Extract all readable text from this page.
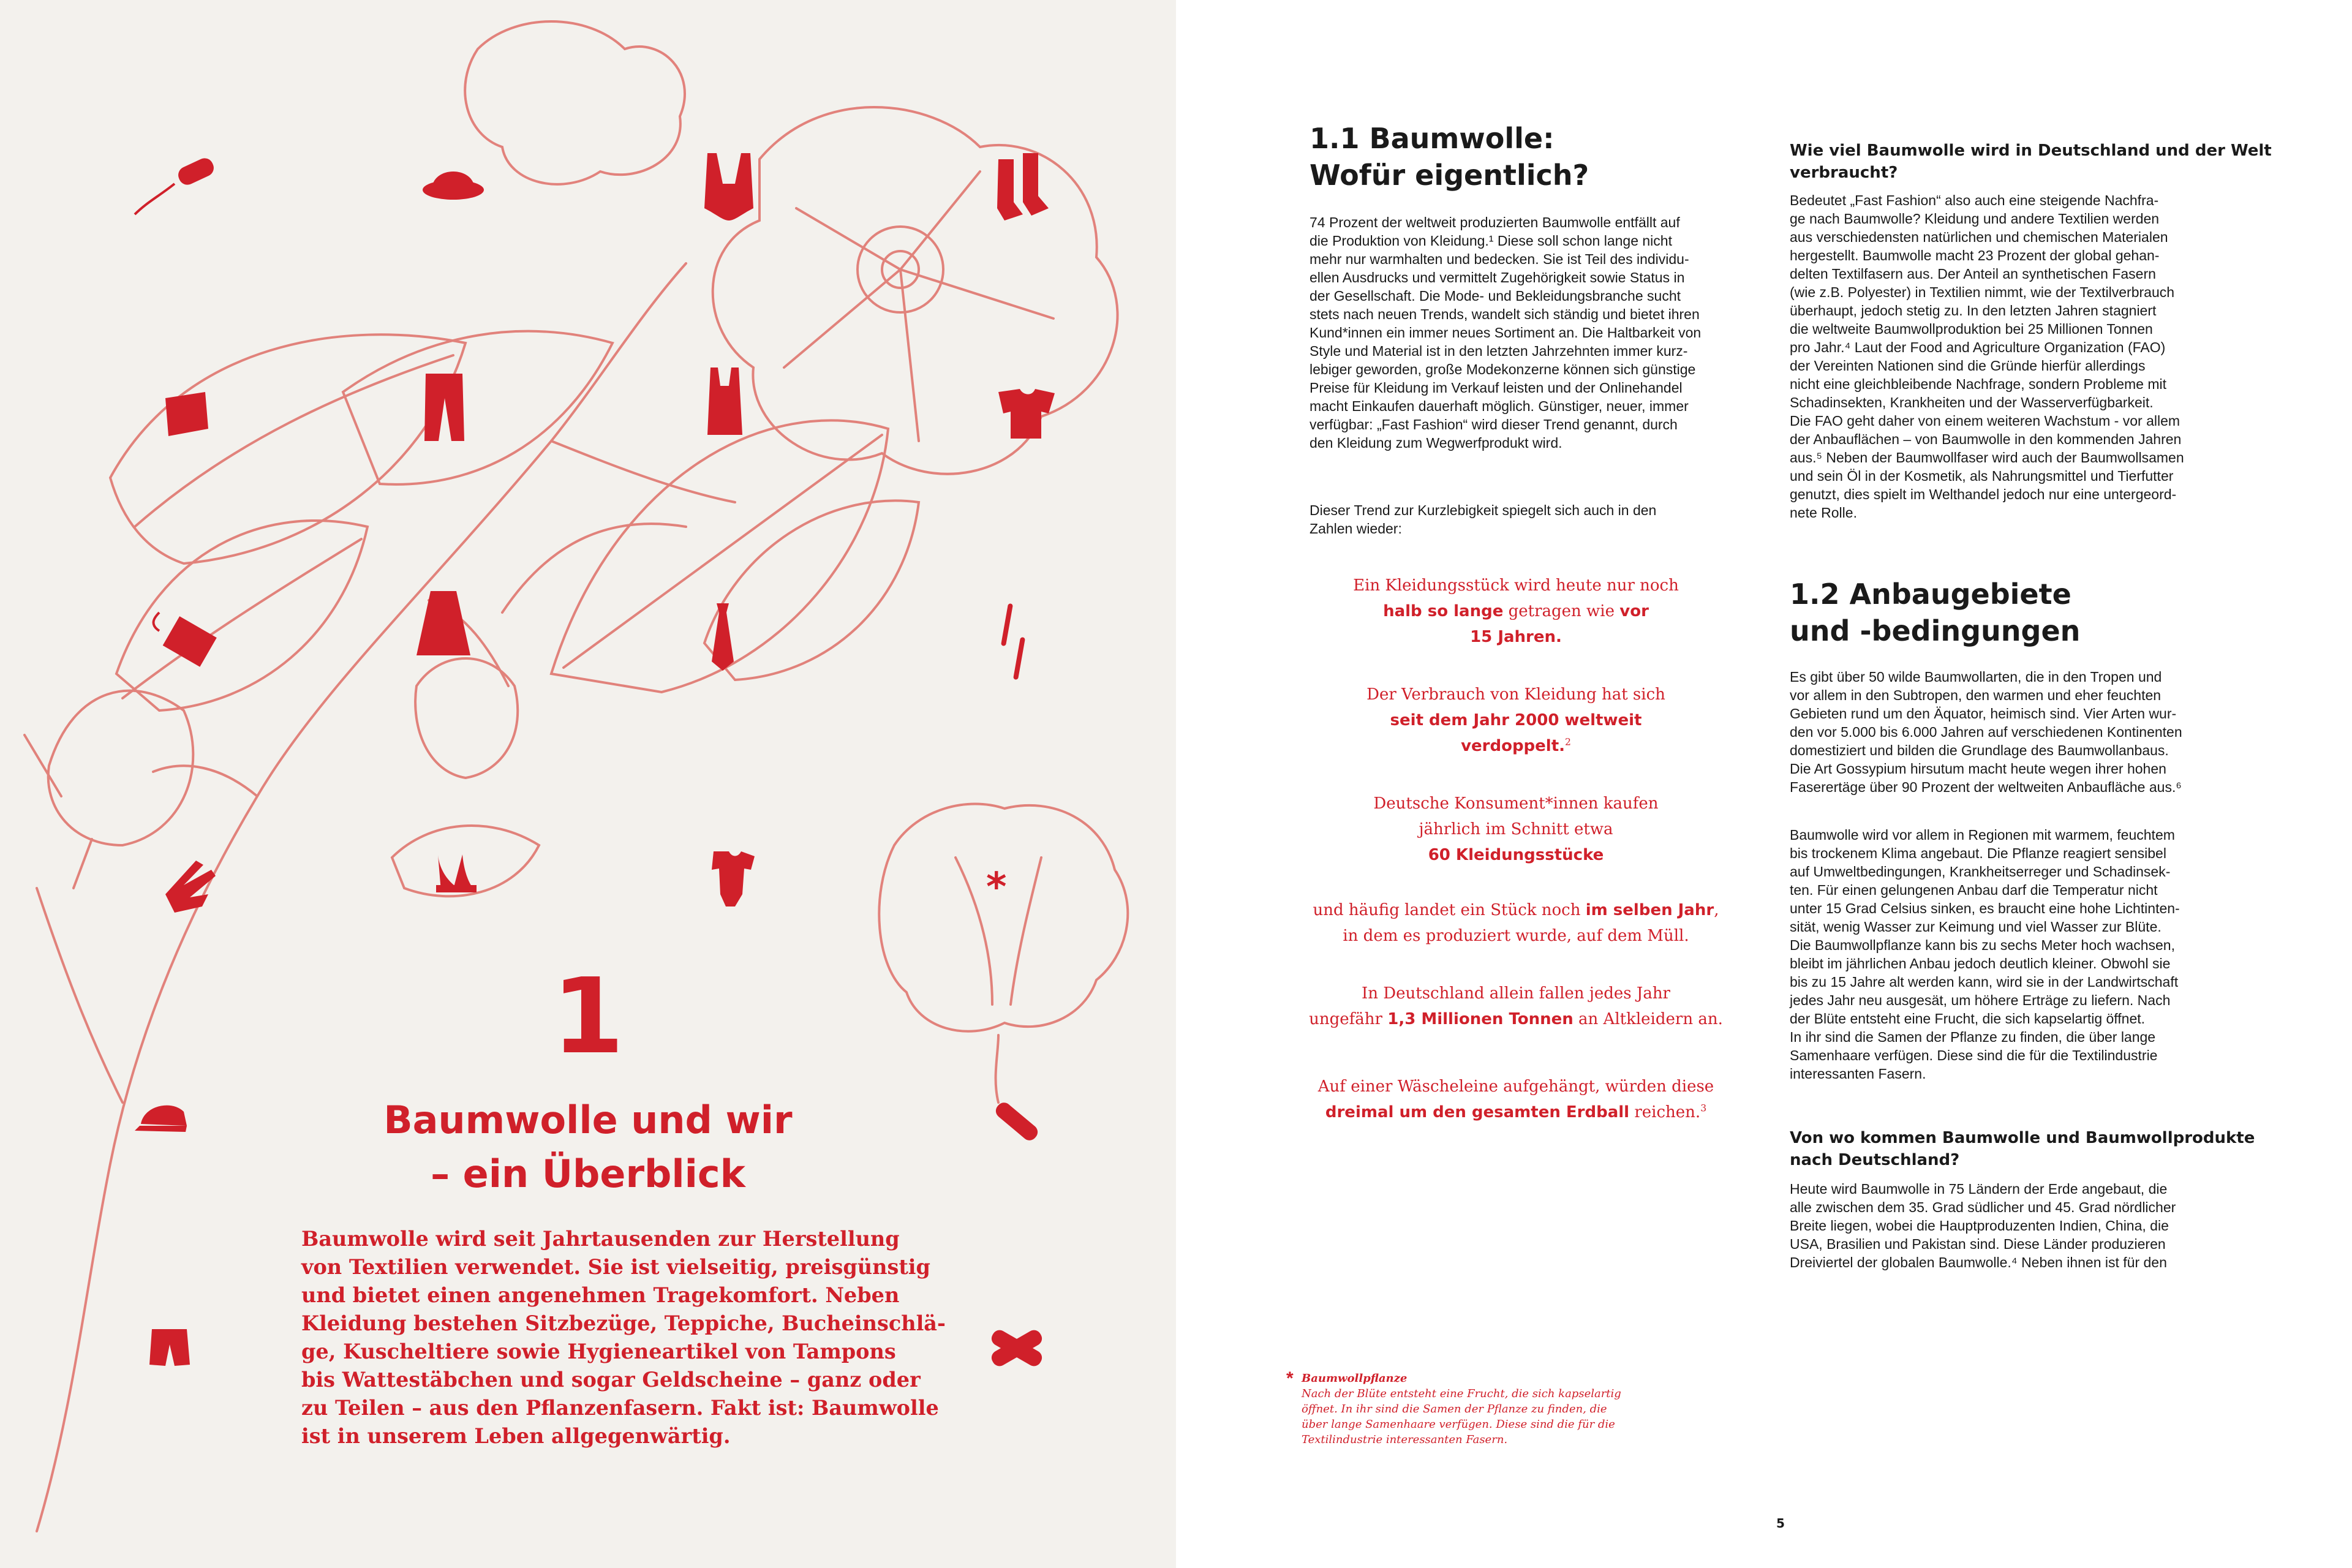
*
1
Baumwolle und wir
– ein Überblick
Baumwolle wird seit Jahrtausenden zur Herstellung
von Textilien verwendet. Sie ist vielseitig, preisgünstig
und bietet einen angenehmen Tragekomfort. Neben
Kleidung bestehen Sitzbezüge, Teppiche, Bucheinschlä-
ge, Kuscheltiere sowie Hygieneartikel von Tampons
bis Wattestäbchen und sogar Geldscheine – ganz oder
zu Teilen – aus den Pflanzenfasern. Fakt ist: Baumwolle
ist in unserem Leben allgegenwärtig.
1.1 Baumwolle:
Wofür eigentlich?
74 Prozent der weltweit produzierten Baumwolle entfällt auf
die Produktion von Kleidung.¹ Diese soll schon lange nicht
mehr nur warmhalten und bedecken. Sie ist Teil des individu-
ellen Ausdrucks und vermittelt Zugehörigkeit sowie Status in
der Gesellschaft. Die Mode- und Bekleidungsbranche sucht
stets nach neuen Trends, wandelt sich ständig und bietet ihren
Kund*innen ein immer neues Sortiment an. Die Haltbarkeit von
Style und Material ist in den letzten Jahrzehnten immer kurz-
lebiger geworden, große Modekonzerne können sich günstige
Preise für Kleidung im Verkauf leisten und der Onlinehandel
macht Einkaufen dauerhaft möglich. Günstiger, neuer, immer
verfügbar: „Fast Fashion“ wird dieser Trend genannt, durch
den Kleidung zum Wegwerfprodukt wird.
Dieser Trend zur Kurzlebigkeit spiegelt sich auch in den
Zahlen wieder:
Ein Kleidungsstück wird heute nur noch
halb so lange getragen wie vor
15 Jahren.
Der Verbrauch von Kleidung hat sich
seit dem Jahr 2000 weltweit
verdoppelt.$^2$
Deutsche Konsument*innen kaufen
jährlich im Schnitt etwa
60 Kleidungsstücke
und häufig landet ein Stück noch im selben Jahr,
in dem es produziert wurde, auf dem Müll.
In Deutschland allein fallen jedes Jahr
ungefähr 1,3 Millionen Tonnen an Altkleidern an.
Auf einer Wäscheleine aufgehängt, würden diese
dreimal um den gesamten Erdball reichen.$^3$
Wie viel Baumwolle wird in Deutschland und der Welt
verbraucht?
Bedeutet „Fast Fashion“ also auch eine steigende Nachfra-
ge nach Baumwolle? Kleidung und andere Textilien werden
aus verschiedensten natürlichen und chemischen Materialen
hergestellt. Baumwolle macht 23 Prozent der global gehan-
delten Textilfasern aus. Der Anteil an synthetischen Fasern
(wie z.B. Polyester) in Textilien nimmt, wie der Textilverbrauch
überhaupt, jedoch stetig zu. In den letzten Jahren stagniert
die weltweite Baumwollproduktion bei 25 Millionen Tonnen
pro Jahr.⁴ Laut der Food and Agriculture Organization (FAO)
der Vereinten Nationen sind die Gründe hierfür allerdings
nicht eine gleichbleibende Nachfrage, sondern Probleme mit
Schadinsekten, Krankheiten und der Wasserverfügbarkeit.
Die FAO geht daher von einem weiteren Wachstum - vor allem
der Anbauflächen – von Baumwolle in den kommenden Jahren
aus.⁵ Neben der Baumwollfaser wird auch der Baumwollsamen
und sein Öl in der Kosmetik, als Nahrungsmittel und Tierfutter
genutzt, dies spielt im Welthandel jedoch nur eine untergeord-
nete Rolle.
1.2 Anbaugebiete
und -bedingungen
Es gibt über 50 wilde Baumwollarten, die in den Tropen und
vor allem in den Subtropen, den warmen und eher feuchten
Gebieten rund um den Äquator, heimisch sind. Vier Arten wur-
den vor 5.000 bis 6.000 Jahren auf verschiedenen Kontinenten
domestiziert und bilden die Grundlage des Baumwollanbaus.
Die Art Gossypium hirsutum macht heute wegen ihrer hohen
Faserertäge über 90 Prozent der weltweiten Anbaufläche aus.⁶
Baumwolle wird vor allem in Regionen mit warmem, feuchtem
bis trockenem Klima angebaut. Die Pflanze reagiert sensibel
auf Umweltbedingungen, Krankheitserreger und Schadinsek-
ten. Für einen gelungenen Anbau darf die Temperatur nicht
unter 15 Grad Celsius sinken, es braucht eine hohe Lichtinten-
sität, wenig Wasser zur Keimung und viel Wasser zur Blüte.
Die Baumwollpflanze kann bis zu sechs Meter hoch wachsen,
bleibt im jährlichen Anbau jedoch deutlich kleiner. Obwohl sie
bis zu 15 Jahre alt werden kann, wird sie in der Landwirtschaft
jedes Jahr neu ausgesät, um höhere Erträge zu liefern. Nach
der Blüte entsteht eine Frucht, die sich kapselartig öffnet.
In ihr sind die Samen der Pflanze zu finden, die über lange
Samenhaare verfügen. Diese sind die für die Textilindustrie
interessanten Fasern.
Von wo kommen Baumwolle und Baumwollprodukte
nach Deutschland?
Heute wird Baumwolle in 75 Ländern der Erde angebaut, die
alle zwischen dem 35. Grad südlicher und 45. Grad nördlicher
Breite liegen, wobei die Hauptproduzenten Indien, China, die
USA, Brasilien und Pakistan sind. Diese Länder produzieren
Dreiviertel der globalen Baumwolle.⁴ Neben ihnen ist für den
* Baumwollpflanze
Nach der Blüte entsteht eine Frucht, die sich kapselartig
öffnet. In ihr sind die Samen der Pflanze zu finden, die
über lange Samenhaare verfügen. Diese sind die für die
Textilindustrie interessanten Fasern.
5
